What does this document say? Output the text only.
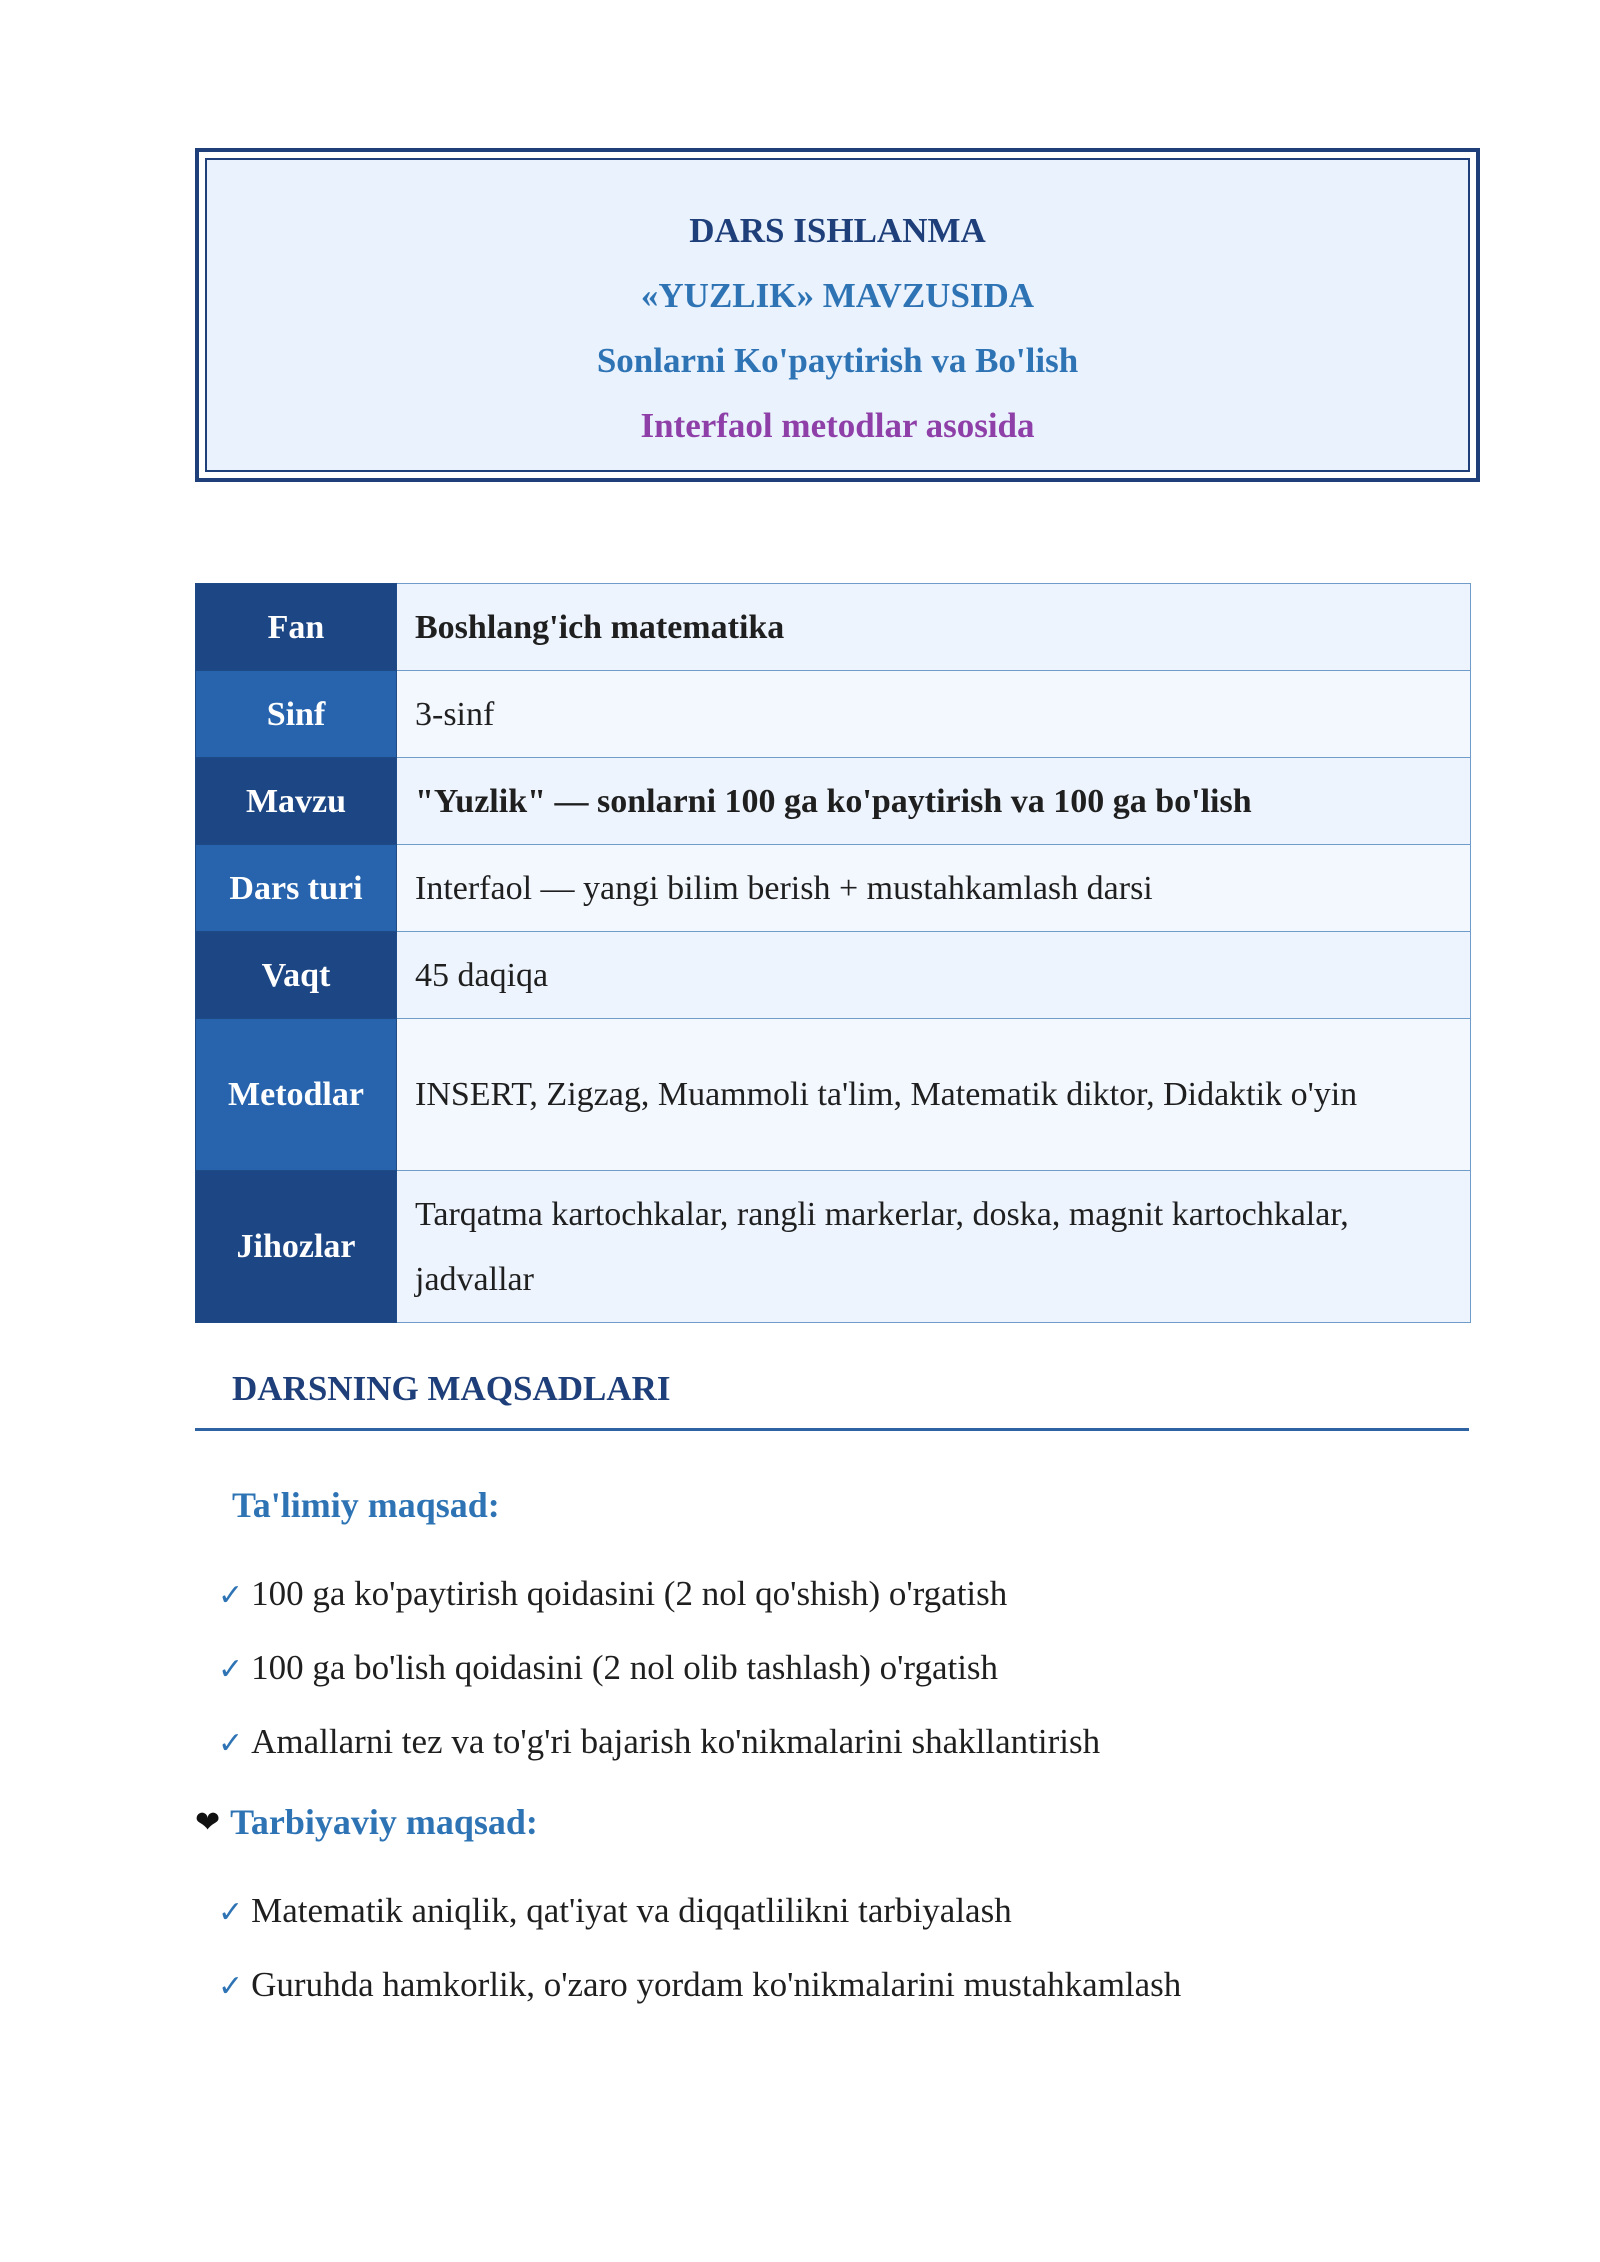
DARS ISHLANMA
«YUZLIK» MAVZUSIDA
Sonlarni Ko'paytirish va Bo'lish
Interfaol metodlar asosida
Fan	Boshlang'ich matematika
Sinf	3-sinf
Mavzu	"Yuzlik" — sonlarni 100 ga ko'paytirish va 100 ga bo'lish
Dars turi	Interfaol — yangi bilim berish + mustahkamlash darsi
Vaqt	45 daqiqa
Metodlar	INSERT, Zigzag, Muammoli ta'lim, Matematik diktor, Didaktik o'yin
Jihozlar	Tarqatma kartochkalar, rangli markerlar, doska, magnit kartochkalar, jadvallar
DARSNING MAQSADLARI
Ta'limiy maqsad:
✓ 100 ga ko'paytirish qoidasini (2 nol qo'shish) o'rgatish
✓ 100 ga bo'lish qoidasini (2 nol olib tashlash) o'rgatish
✓ Amallarni tez va to'g'ri bajarish ko'nikmalarini shakllantirish
❤ Tarbiyaviy maqsad:
✓ Matematik aniqlik, qat'iyat va diqqatlilikni tarbiyalash
✓ Guruhda hamkorlik, o'zaro yordam ko'nikmalarini mustahkamlash
